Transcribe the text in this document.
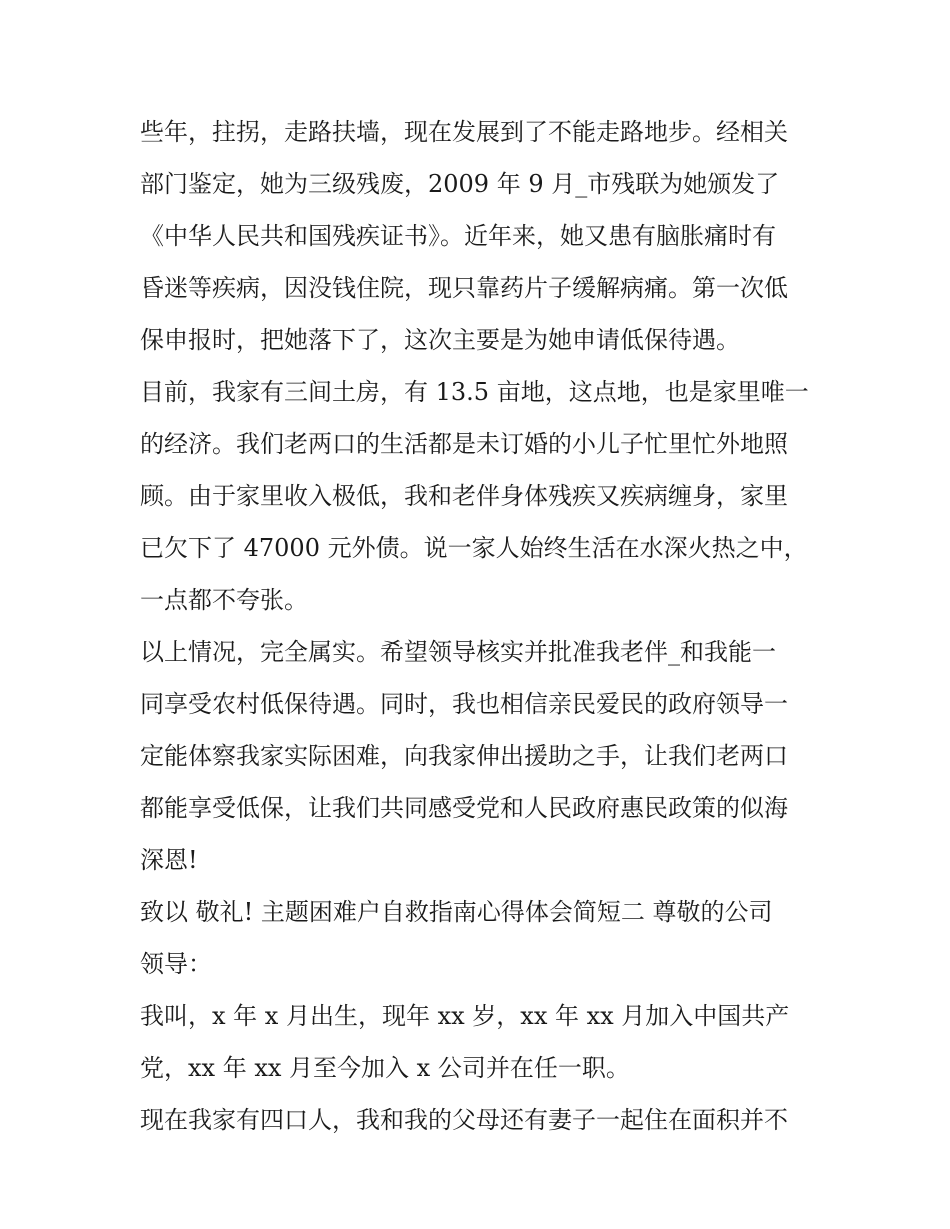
些年，拄拐，走路扶墙，现在发展到了不能走路地步。经相关
部门鉴定，她为三级残废，2009 年 9 月_市残联为她颁发了
《中华人民共和国残疾证书》。近年来，她又患有脑胀痛时有
昏迷等疾病，因没钱住院，现只靠药片子缓解病痛。第一次低
保申报时，把她落下了，这次主要是为她申请低保待遇。
目前，我家有三间土房，有 13.5 亩地，这点地，也是家里唯一
的经济。我们老两口的生活都是未订婚的小儿子忙里忙外地照
顾。由于家里收入极低，我和老伴身体残疾又疾病缠身，家里
已欠下了 47000 元外债。说一家人始终生活在水深火热之中，
一点都不夸张。
以上情况，完全属实。希望领导核实并批准我老伴_和我能一
同享受农村低保待遇。同时，我也相信亲民爱民的政府领导一
定能体察我家实际困难，向我家伸出援助之手，让我们老两口
都能享受低保，让我们共同感受党和人民政府惠民政策的似海
深恩!
致以 敬礼! 主题困难户自救指南心得体会简短二 尊敬的公司
领导：
我叫，x 年 x 月出生，现年 xx 岁，xx 年 xx 月加入中国共产
党，xx 年 xx 月至今加入 x 公司并在任一职。
现在我家有四口人，我和我的父母还有妻子一起住在面积并不
